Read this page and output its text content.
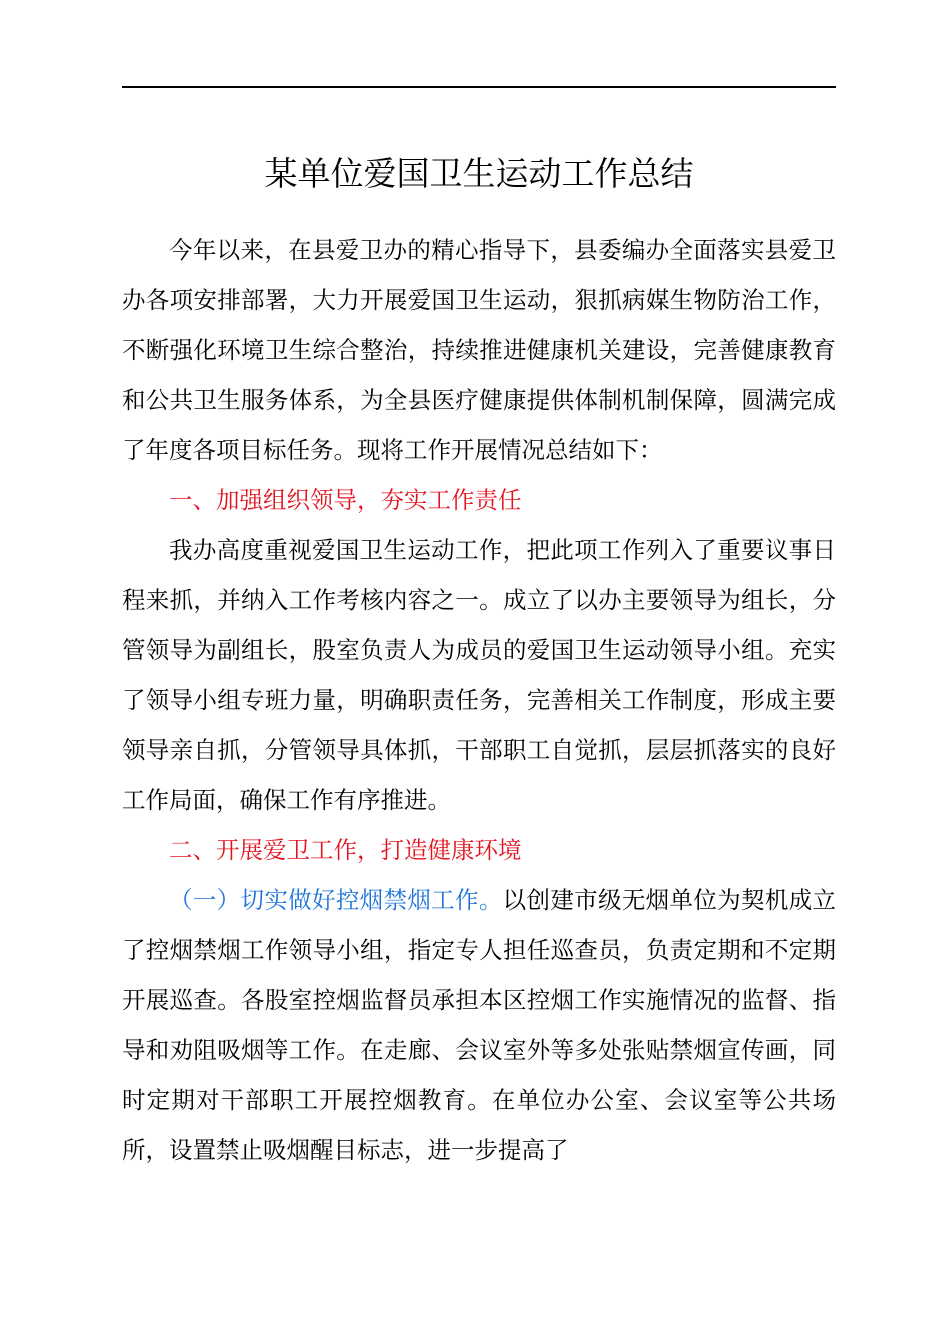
某单位爱国卫生运动工作总结

今年以来，在县爱卫办的精心指导下，县委编办全面落实县爱卫办各项安排部署，大力开展爱国卫生运动，狠抓病媒生物防治工作，不断强化环境卫生综合整治，持续推进健康机关建设，完善健康教育和公共卫生服务体系，为全县医疗健康提供体制机制保障，圆满完成了年度各项目标任务。现将工作开展情况总结如下：

一、加强组织领导，夯实工作责任

我办高度重视爱国卫生运动工作，把此项工作列入了重要议事日程来抓，并纳入工作考核内容之一。成立了以办主要领导为组长，分管领导为副组长，股室负责人为成员的爱国卫生运动领导小组。充实了领导小组专班力量，明确职责任务，完善相关工作制度，形成主要领导亲自抓，分管领导具体抓，干部职工自觉抓，层层抓落实的良好工作局面，确保工作有序推进。

二、开展爱卫工作，打造健康环境

（一）切实做好控烟禁烟工作。以创建市级无烟单位为契机成立了控烟禁烟工作领导小组，指定专人担任巡查员，负责定期和不定期开展巡查。各股室控烟监督员承担本区控烟工作实施情况的监督、指导和劝阻吸烟等工作。在走廊、会议室外等多处张贴禁烟宣传画，同时定期对干部职工开展控烟教育。在单位办公室、会议室等公共场所，设置禁止吸烟醒目标志，进一步提高了
